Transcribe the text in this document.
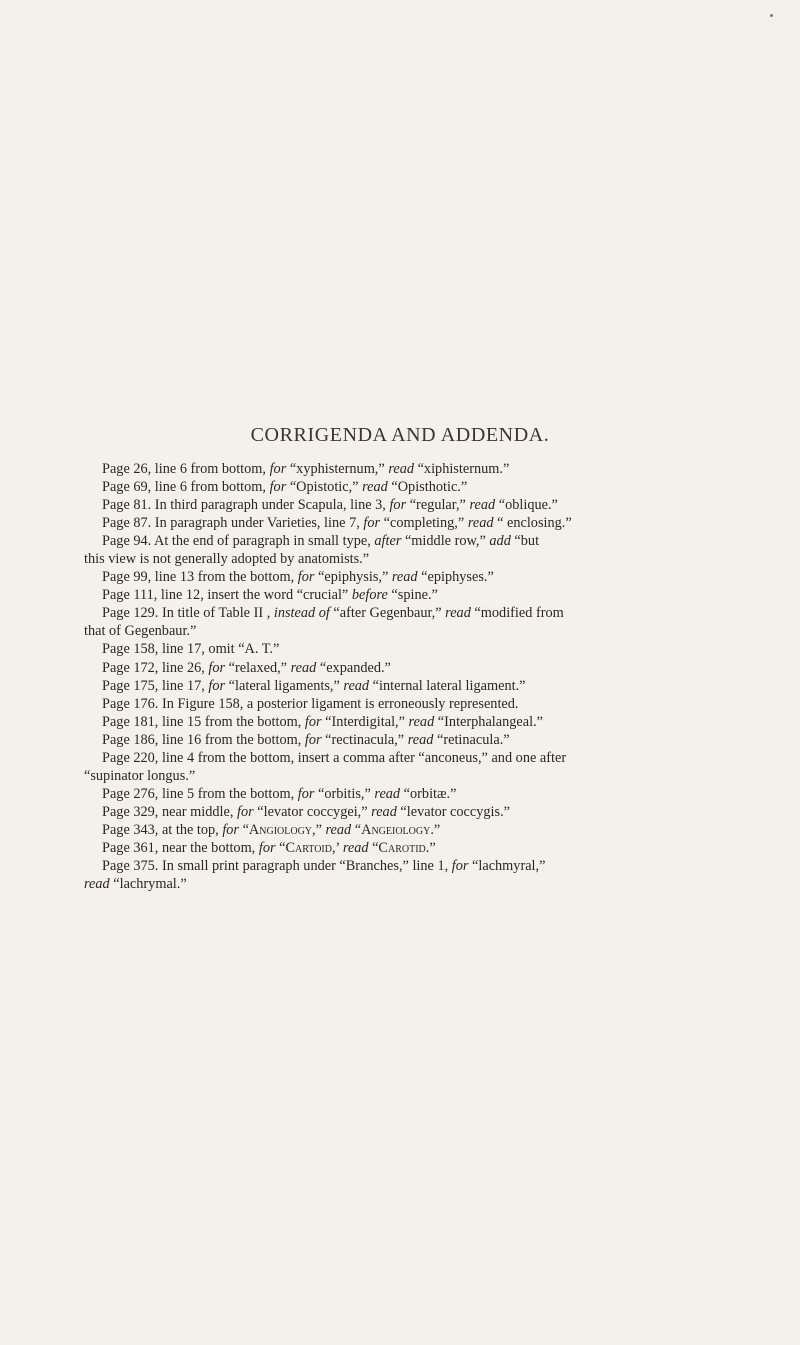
CORRIGENDA AND ADDENDA.

Page 26, line 6 from bottom, for “xyphisternum,” read “xiphisternum.”

Page 69, line 6 from bottom, for “Opistotic,” read “Opisthotic.”

Page 81. In third paragraph under Scapula, line 3, for “regular,” read “oblique.”

Page 87. In paragraph under Varieties, line 7, for “completing,” read “ enclosing.”

Page 94. At the end of paragraph in small type, after “middle row,” add “but
this view is not generally adopted by anatomists.”

Page 99, line 13 from the bottom, for “epiphysis,” read “epiphyses.”

Page 111, line 12, insert the word “crucial” before “spine.”

Page 129. In title of Table II , instead of “after Gegenbaur,” read “modified from
that of Gegenbaur.”

Page 158, line 17, omit “A. T.”

Page 172, line 26, for “relaxed,” read “expanded.”

Page 175, line 17, for “lateral ligaments,” read “internal lateral ligament.”

Page 176. In Figure 158, a posterior ligament is erroneously represented.

Page 181, line 15 from the bottom, for “Interdigital,” read “Interphalangeal.”

Page 186, line 16 from the bottom, for “rectinacula,” read “retinacula.”

Page 220, line 4 from the bottom, insert a comma after “anconeus,” and one after
“supinator longus.”

Page 276, line 5 from the bottom, for “orbitis,” read “orbitæ.”

Page 329, near middle, for “levator coccygei,” read “levator coccygis.”

Page 343, at the top, for “Angiology,” read “Angeiology.”

Page 361, near the bottom, for “Cartoid,’ read “Carotid.”

Page 375. In small print paragraph under “Branches,” line 1, for “lachmyral,”
read “lachrymal.”
